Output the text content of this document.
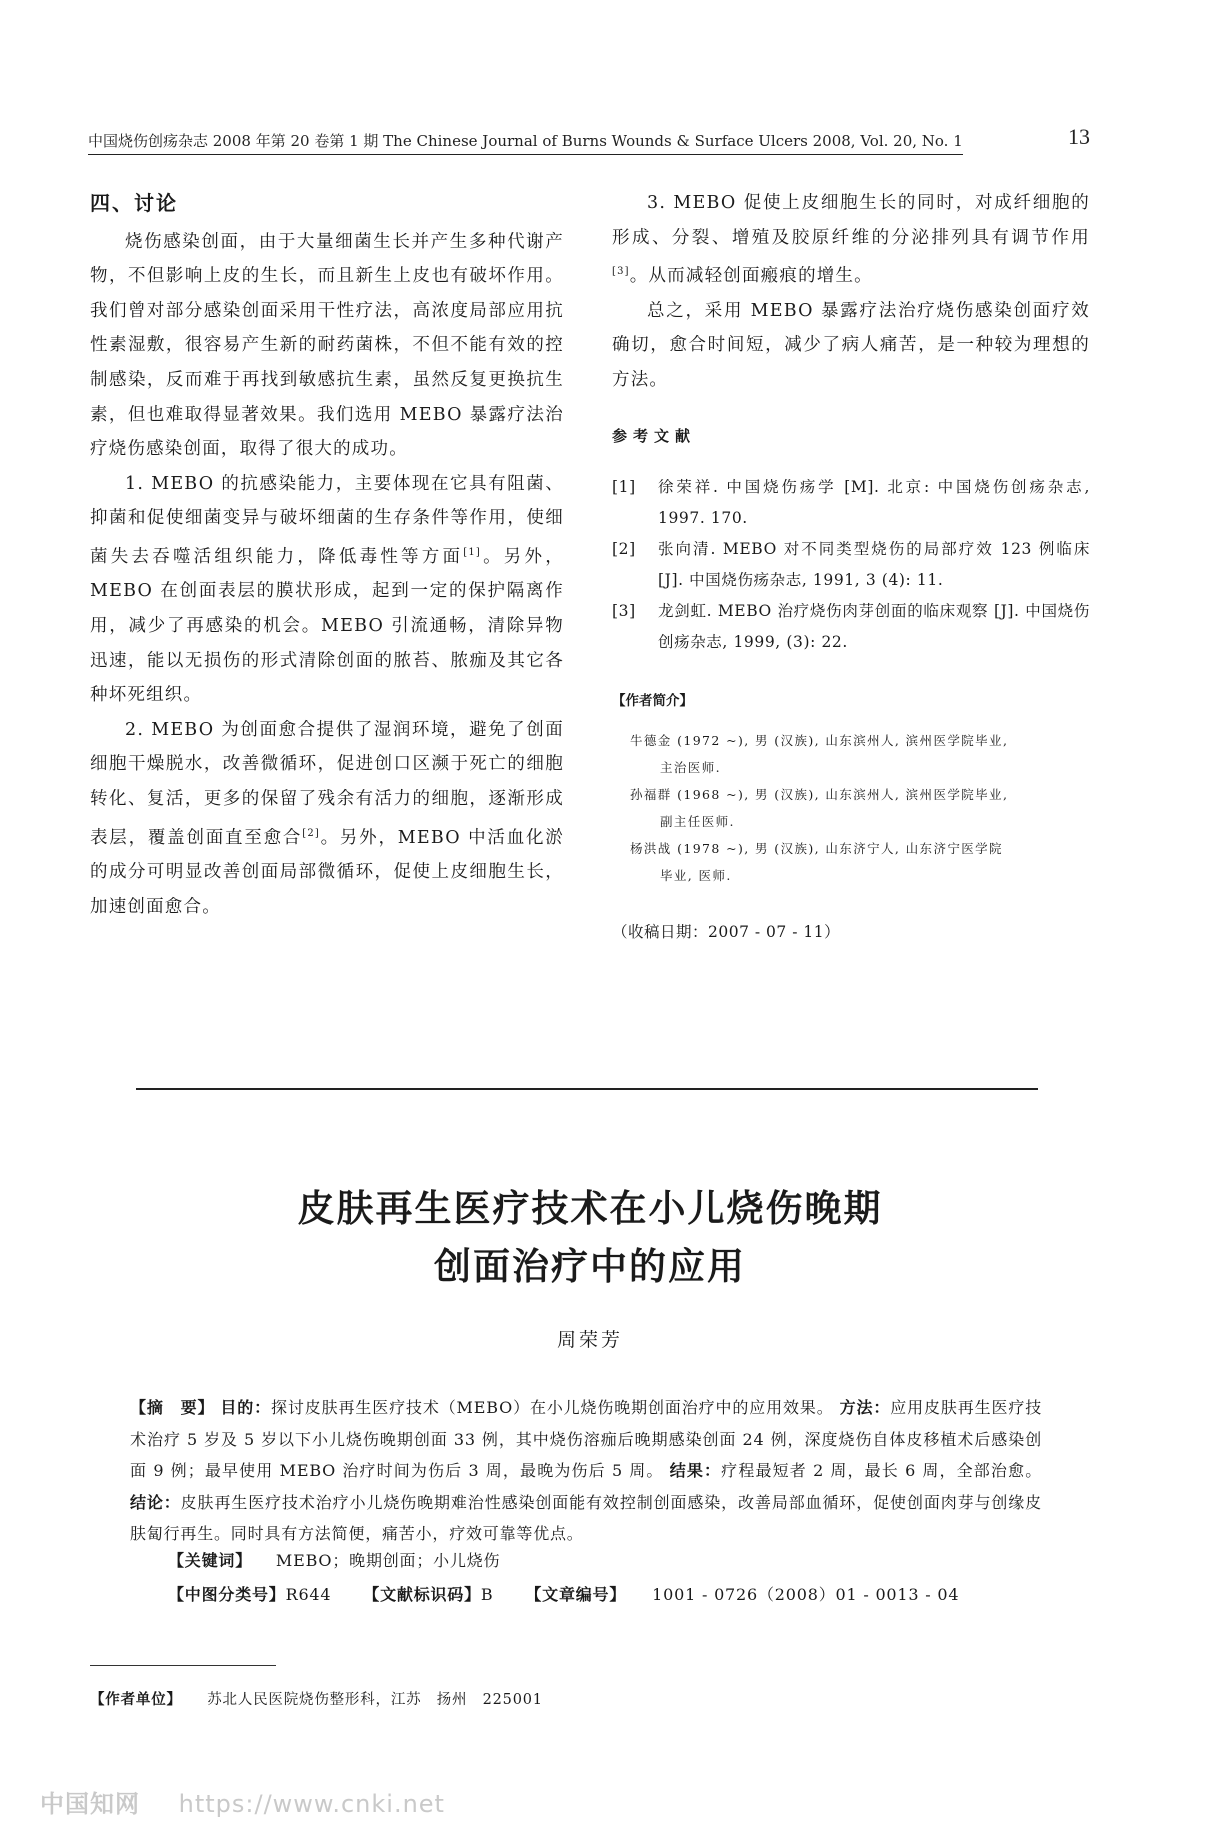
中国烧伤创疡杂志 2008 年第 20 卷第 1 期 The Chinese Journal of Burns Wounds & Surface Ulcers 2008, Vol. 20, No. 1	13

四、讨论

烧伤感染创面，由于大量细菌生长并产生多种代谢产物，不但影响上皮的生长，而且新生上皮也有破坏作用。我们曾对部分感染创面采用干性疗法，高浓度局部应用抗性素湿敷，很容易产生新的耐药菌株，不但不能有效的控制感染，反而难于再找到敏感抗生素，虽然反复更换抗生素，但也难取得显著效果。我们选用 MEBO 暴露疗法治疗烧伤感染创面，取得了很大的成功。

1. MEBO 的抗感染能力，主要体现在它具有阻菌、抑菌和促使细菌变异与破坏细菌的生存条件等作用，使细菌失去吞噬活组织能力，降低毒性等方面[1]。另外，MEBO 在创面表层的膜状形成，起到一定的保护隔离作用，减少了再感染的机会。MEBO 引流通畅，清除异物迅速，能以无损伤的形式清除创面的脓苔、脓痂及其它各种坏死组织。

2. MEBO 为创面愈合提供了湿润环境，避免了创面细胞干燥脱水，改善微循环，促进创口区濒于死亡的细胞转化、复活，更多的保留了残余有活力的细胞，逐渐形成表层，覆盖创面直至愈合[2]。另外，MEBO 中活血化淤的成分可明显改善创面局部微循环，促使上皮细胞生长，加速创面愈合。

3. MEBO 促使上皮细胞生长的同时，对成纤细胞的形成、分裂、增殖及胶原纤维的分泌排列具有调节作用[3]。从而减轻创面瘢痕的增生。

总之，采用 MEBO 暴露疗法治疗烧伤感染创面疗效确切，愈合时间短，减少了病人痛苦，是一种较为理想的方法。

参考文献

[1] 徐荣祥. 中国烧伤疡学 [M]. 北京: 中国烧伤创疡杂志, 1997. 170.

[2] 张向清. MEBO 对不同类型烧伤的局部疗效 123 例临床 [J]. 中国烧伤疡杂志, 1991, 3 (4): 11.

[3] 龙剑虹. MEBO 治疗烧伤肉芽创面的临床观察 [J]. 中国烧伤创疡杂志, 1999, (3): 22.

【作者简介】

牛德金 (1972 ~), 男 (汉族), 山东滨州人, 滨州医学院毕业,
主治医师.

孙福群 (1968 ~), 男 (汉族), 山东滨州人, 滨州医学院毕业,
副主任医师.

杨洪战 (1978 ~), 男 (汉族), 山东济宁人, 山东济宁医学院
毕业, 医师.

（收稿日期：2007 - 07 - 11）

皮肤再生医疗技术在小儿烧伤晚期
创面治疗中的应用
周荣芳
【摘　要】 目的：探讨皮肤再生医疗技术（MEBO）在小儿烧伤晚期创面治疗中的应用效果。 方法：应用皮肤再生医疗技术治疗 5 岁及 5 岁以下小儿烧伤晚期创面 33 例，其中烧伤溶痂后晚期感染创面 24 例，深度烧伤自体皮移植术后感染创面 9 例；最早使用 MEBO 治疗时间为伤后 3 周，最晚为伤后 5 周。 结果：疗程最短者 2 周，最长 6 周，全部治愈。 结论：皮肤再生医疗技术治疗小儿烧伤晚期难治性感染创面能有效控制创面感染，改善局部血循环，促使创面肉芽与创缘皮肤匐行再生。同时具有方法简便，痛苦小，疗效可靠等优点。
【关键词】 MEBO；晚期创面；小儿烧伤
【中图分类号】R644 【文献标识码】B 【文章编号】 1001 - 0726（2008）01 - 0013 - 04
【作者单位】 苏北人民医院烧伤整形科，江苏　扬州　225001
中国知网 https://www.cnki.net
